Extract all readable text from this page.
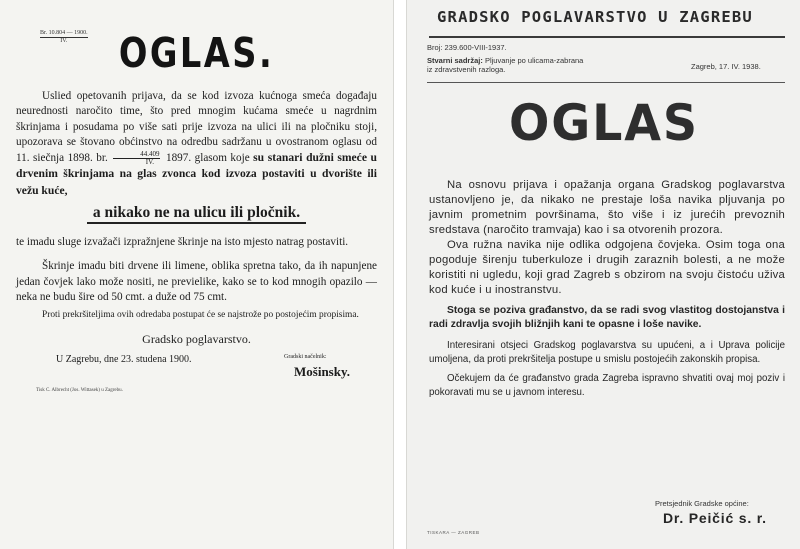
Br. 10.804 — 1900.
IV.	OGLAS.

Uslied opetovanih prijava, da se kod izvoza kućnoga smeća događaju neurednosti naročito time, što pred mnogim kućama smeće u nagrdnim škrinjama i posudama po više sati prije izvoza na ulici ili na pločniku stoji, upozorava se štovano obćinstvo na odredbu sadržanu u ovostranom oglasu od 11. siečnja 1898. br. $\frac{44.409}{IV.} 1897$. glasom koje su stanari dužni smeće u drvenim škrinjama na glas zvonca kod izvoza postaviti u dvorište ili vežu kuće,

a nikako ne na ulicu ili pločnik.

te imadu sluge izvažači izpražnjene škrinje na isto mjesto natrag postaviti.

Škrinje imadu biti drvene ili limene, oblika spretna tako, da ih napunjene jedan čovjek lako može nositi, ne previelike, kako se to kod mnogih opazilo — neka ne budu šire od 50 cmt. a duže od 75 cmt.

Proti prekršiteljima ovih odredaba postupat će se najstrože po postojećim propisima.

Gradsko poglavarstvo.
U Zagrebu, dne 23. studena 1900.	Gradski načelnik:
Mošinsky.
Tisk C. Albrecht (Jos. Wittasek) u Zagrebu.
GRADSKO POGLAVARSTVO U ZAGREBU
Broj: 239.600-VIII-1937.
Stvarni sadržaj: Pljuvanje po ulicama-zabrana iz zdravstvenih razloga.	Zagreb, 17. IV. 1938.
OGLAS

Na osnovu prijava i opažanja organa Gradskog poglavarstva ustanovljeno je, da nikako ne prestaje loša navika pljuvanja po javnim prometnim površinama, što više i iz jurećih prevoznih sredstava (naročito tramvaja) kao i sa otvorenih prozora.

Ova ružna navika nije odlika odgojena čovjeka. Osim toga ona pogoduje širenju tuberkuloze i drugih zaraznih bolesti, a ne može koristiti ni ugledu, koji grad Zagreb s obzirom na svoju čistoću uživa kod kuće i u inostranstvu.

Stoga se poziva građanstvo, da se radi svog vlastitog dostojanstva i radi zdravlja svojih bližnjih kani te opasne i loše navike.

Interesirani otsjeci Gradskog poglavarstva su upućeni, a i Uprava policije umoljena, da proti prekršitelja postupe u smislu postojećih zakonskih propisa.

Očekujem da će građanstvo grada Zagreba ispravno shvatiti ovaj moj poziv i pokoravati mu se u javnom interesu.

Pretsjednik Gradske općine:
Dr. Peičić s. r.
TISKARA — ZAGREB
